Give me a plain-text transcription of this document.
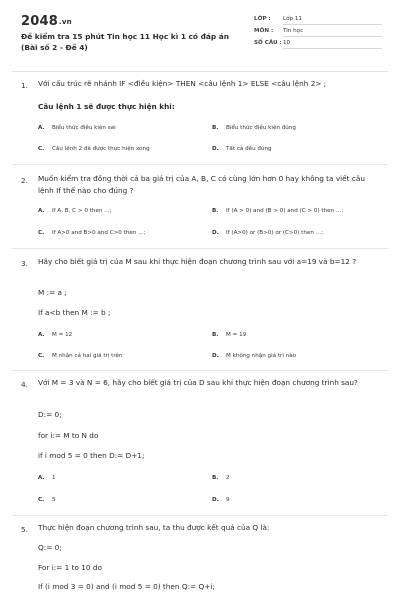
2048.vn
Đề kiểm tra 15 phút Tin học 11 Học kì 1 có đáp án (Bài số 2 - Đề 4)
LỚP : Lớp 11
MÔN : Tin học
SỐ CÂU : 10
1. Với cấu trúc rẽ nhánh IF <điều kiện> THEN <câu lệnh 1> ELSE <câu lệnh 2> ;
Câu lệnh 1 sẽ được thực hiện khi:
A. Biểu thức điều kiện sai	B. Biểu thức điều kiện đúng
C. Câu lệnh 2 đã được thực hiện xong	D. Tất cả đều đúng
2. Muốn kiểm tra đồng thời cả ba giá trị của A, B, C có cùng lớn hơn 0 hay không ta viết câu lệnh If thế nào cho đúng ?
A. If A, B, C > 0 then …;	B. If (A > 0) and (B > 0) and (C > 0) then …;
C. If A>0 and B>0 and C>0 then …;	D. If (A>0) or (B>0) or (C>0) then …;
3. Hãy cho biết giá trị của M sau khi thực hiện đoạn chương trình sau với a=19 và b=12 ?
M := a ;
If a<b then M := b ;
A. M = 12	B. M = 19
C. M nhận cả hai giá trị trên	D. M không nhận giá trị nào
4. Với M = 3 và N = 6, hãy cho biết giá trị của D sau khi thực hiện đoạn chương trình sau?
D:= 0;
for i:= M to N do
if i mod 5 = 0 then D:= D+1;
A. 1	B. 2
C. 5	D. 9
5. Thực hiện đoạn chương trình sau, ta thu được kết quả của Q là:
Q:= 0;
For i:= 1 to 10 do
If (i mod 3 = 0) and (i mod 5 = 0) then Q:= Q+i;
